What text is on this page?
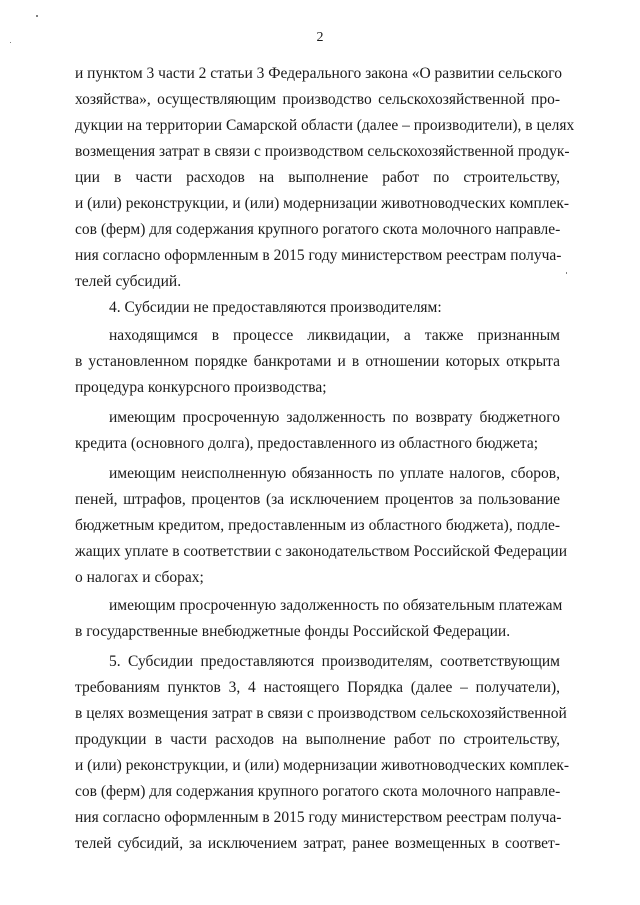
2
и пунктом 3 части 2 статьи 3 Федерального закона «О развитии сельского
хозяйства», осуществляющим производство сельскохозяйственной про-
дукции на территории Самарской области (далее – производители), в целях
возмещения затрат в связи с производством сельскохозяйственной продук-
ции в части расходов на выполнение работ по строительству,
и (или) реконструкции, и (или) модернизации животноводческих комплек-
сов (ферм) для содержания крупного рогатого скота молочного направле-
ния согласно оформленным в 2015 году министерством реестрам получа-
телей субсидий.
4. Субсидии не предоставляются производителям:
находящимся в процессе ликвидации, а также признанным
в установленном порядке банкротами и в отношении которых открыта
процедура конкурсного производства;
имеющим просроченную задолженность по возврату бюджетного
кредита (основного долга), предоставленного из областного бюджета;
имеющим неисполненную обязанность по уплате налогов, сборов,
пеней, штрафов, процентов (за исключением процентов за пользование
бюджетным кредитом, предоставленным из областного бюджета), подле-
жащих уплате в соответствии с законодательством Российской Федерации
о налогах и сборах;
имеющим просроченную задолженность по обязательным платежам
в государственные внебюджетные фонды Российской Федерации.
5. Субсидии предоставляются производителям, соответствующим
требованиям пунктов 3, 4 настоящего Порядка (далее – получатели),
в целях возмещения затрат в связи с производством сельскохозяйственной
продукции в части расходов на выполнение работ по строительству,
и (или) реконструкции, и (или) модернизации животноводческих комплек-
сов (ферм) для содержания крупного рогатого скота молочного направле-
ния согласно оформленным в 2015 году министерством реестрам получа-
телей субсидий, за исключением затрат, ранее возмещенных в соответ-
